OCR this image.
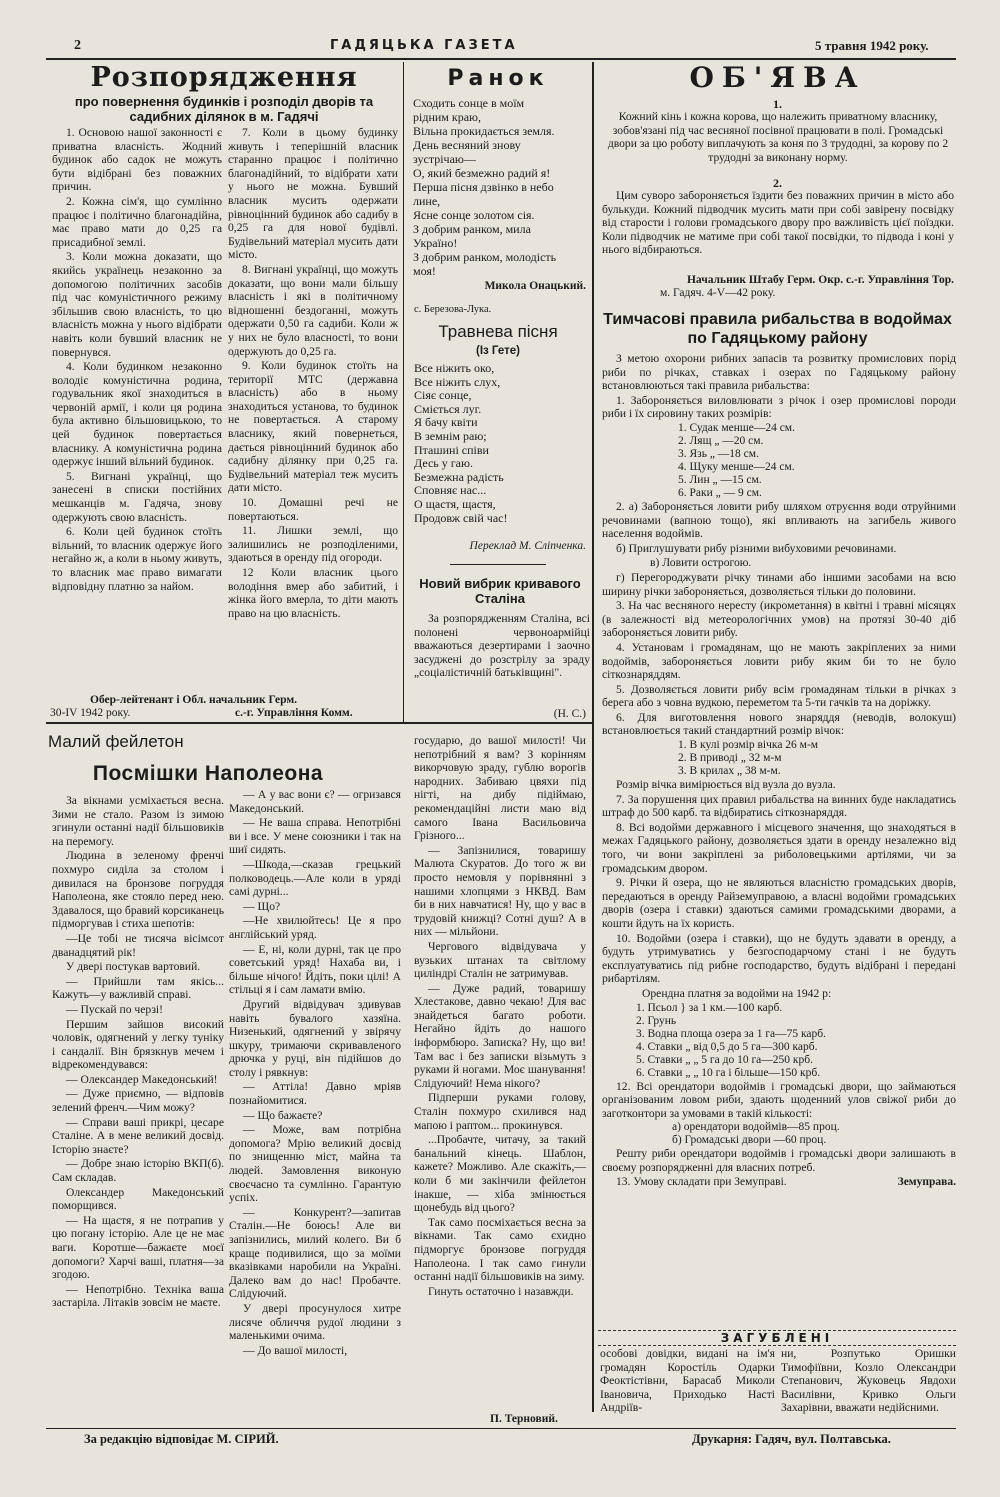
2	ГАДЯЦЬКА ГАЗЕТА	5 травня 1942 року.
Розпорядження
про повернення будинків і розподіл дворів та садибних ділянок в м. Гадячі

1. Основою нашої законності є приватна власність. Жодний будинок або садок не можуть бути відібрані без поважних причин.

2. Кожна сім'я, що сумлінно працює і політично благонадійна, має право мати до 0,25 га присадибної землі.

3. Коли можна доказати, що якийсь українець незаконно за допомогою політичних засобів під час комуністичного режиму збільшив свою власність, то цю власність можна у нього відібрати навіть коли бувший власник не повернувся.

4. Коли будинком незаконно володіє комуністична родина, годувальник якої знаходиться в червоній армії, і коли ця родина була активно більшовицькою, то цей будинок повертається власнику. А комуністична родина одержує інший вільний будинок.

5. Вигнані українці, що занесені в списки постійних мешканців м. Гадяча, знову одержують свою власність.

6. Коли цей будинок стоїть вільний, то власник одержує його негайно ж, а коли в ньому живуть, то власник має право вимагати відповідну платню за найом.

7. Коли в цьому будинку живуть і теперішній власник старанно працює і політично благонадійний, то відібрати хати у нього не можна. Бувший власник мусить одержати рівноцінний будинок або садибу в 0,25 га для нової будівлі. Будівельний матеріал мусить дати місто.

8. Вигнані українці, що можуть доказати, що вони мали більшу власність і які в політичному відношенні бездоганні, можуть одержати 0,50 га садиби. Коли ж у них не було власності, то вони одержують до 0,25 га.

9. Коли будинок стоїть на території МТС (державна власність) або в ньому знаходиться установа, то будинок не повертається. А старому власнику, який повернеться, дається рівноцінний будинок або садибну ділянку при 0,25 га. Будівельний матеріал теж мусить дати місто.

10. Домашні речі не повертаються.

11. Лишки землі, що залишились не розподіленими, здаються в оренду під огороди.

12 Коли власник цього володіння вмер або забитий, і жінка його вмерла, то діти мають право на цю власність.

Обер-лейтенант і Обл. начальник Герм.
30-IV 1942 року.	с.-г. Управління Комм.
Ранок
Сходить сонце в моїм
рідним краю,
Вільна прокидається земля.
День весняний знову
зустрічаю—
О, який безмежно радий я!
Перша пісня дзвінко в небо
лине,
Ясне сонце золотом сія.
З добрим ранком, мила
Україно!
З добрим ранком, молодість
моя!
Микола Онацький.
с. Березова-Лука.
Травнева пісня
(Із Гете)
Все ніжить око,
Все ніжить слух,
Сіяє сонце,
Сміється луг.
Я бачу квіти
В земнім раю;
Пташині співи
Десь у гаю.
Безмежна радість
Сповняє нас...
О щастя, щастя,
Продовж свій час!
Переклад М. Сліпченка.
Новий вибрик кривавого Сталіна

За розпорядженням Сталіна, всі полонені червоноармійці вважаються дезертирами і заочно засуджені до розстрілу за зраду „соціалістичній батьківщині".

(Н. С.)
ОБ'ЯВА
1.

Кожний кінь і кожна корова, що належить приватному власнику, зобов'язані під час весняної посівної працювати в полі. Громадські двори за цю роботу виплачують за коня по 3 трудодні, за корову по 2 трудодні за виконану норму.

2.

Цим суворо забороняється їздити без поважних причин в місто або булькуди. Кожний підводчик мусить мати при собі завірену посвідку від старости і голови громадського двору про важливість цієї поїздки. Коли підводчик не матиме при собі такої посвідки, то підвода і коні у нього відбираються.

Начальник Штабу Герм. Окр. с.-г. Управління Тор.
м. Гадяч. 4-V—42 року.
Тимчасові правила рибальства в водоймах по Гадяцькому району

З метою охорони рибних запасів та розвитку промислових порід риби по річках, ставках і озерах по Гадяцькому району встановлюються такі правила рибальства:

1. Забороняється виловлювати з річок і озер промислові породи риби і їх сировину таких розмірів:

1. Судак менше—24 см.
2. Лящ „ —20 см.
3. Язь „ —18 см.
4. Щуку менше—24 см.
5. Лин „ —15 см.
6. Раки „ — 9 см.

2. а) Забороняється ловити рибу шляхом отруєння води отруйними речовинами (вапною тощо), які впливають на загибель живого населення водоймів.

б) Приглушувати рибу різними вибуховими речовинами.

в) Ловити острогою.

г) Перегороджувати річку тинами або іншими засобами на всю ширину річки забороняється, дозволяється тільки до половини.

3. На час весняного нересту (икрометання) в квітні і травні місяцях (в залежності від метеорологічних умов) на протязі 30-40 діб забороняється ловити рибу.

4. Установам і громадянам, що не мають закріплених за ними водоймів, забороняється ловити рибу яким би то не було сіткознаряддям.

5. Дозволяється ловити рибу всім громадянам тільки в річках з берега або з човна вудкою, переметом та 5-ти гачків та на доріжку.

6. Для виготовлення нового знаряддя (неводів, волокуш) встановлюється такий стандартний розмір вічок:

1. В кулі розмір вічка 26 м-м
2. В приводі „ 32 м-м
3. В крилах „ 38 м-м.

Розмір вічка вимірюється від вузла до вузла.

7. За порушення цих правил рибальства на винних буде накладатись штраф до 500 карб. та відбиратись сіткознаряддя.

8. Всі водойми державного і місцевого значення, що знаходяться в межах Гадяцького району, дозволяється здати в оренду незалежно від того, чи вони закріплені за риболовецькими артілями, чи за громадським двором.

9. Річки й озера, що не являються власністю громадських дворів, передаються в оренду Райземуправою, а власні водойми громадських дворів (озера і ставки) здаються самими громадськими дворами, а кошти йдуть на їх користь.

10. Водойми (озера і ставки), що не будуть здавати в оренду, а будуть утримуватись у безгосподарчому стані і не будуть експлуатуватись під рибне господарство, будуть відібрані і передані рибартілям.

Орендна платня за водойми на 1942 р:

1. Псьол } за 1 км.—100 карб.
2. Грунь
3. Водна площа озера за 1 га—75 карб.
4. Ставки „ від 0,5 до 5 га—300 карб.
5. Ставки „ „ 5 га до 10 га—250 крб.
6. Ставки „ „ 10 га і більше—150 крб.

12. Всі орендатори водоймів і громадські двори, що займаються організованим ловом риби, здають щоденний улов свіжої риби до заготконтори за умовами в такій кількості:

а) орендатори водоймів—85 проц.
б) Громадські двори —60 проц.

Решту риби орендатори водоймів і громадські двори залишають в своєму розпорядженні для власних потреб.

13. Умову складати при Земуправі.	Земуправа.
Малий фейлетон
Посмішки Наполеона

За вікнами усміхається весна. Зими не стало. Разом із зимою згинули останні надії більшовиків на перемогу.

Людина в зеленому френчі похмуро сиділа за столом і дивилася на бронзове погруддя Наполеона, яке стояло перед нею. Здавалося, що бравий корсиканець підморгував і стиха шепотів:

—Це тобі не тисяча вісімсот дванадцятий рік!

У двері постукав вартовий.

— Прийшли там якісь... Кажуть—у важливій справі.

— Пускай по черзі!

Першим зайшов високий чоловік, одягнений у легку туніку і сандалії. Він брязкнув мечем і відрекомендувався:

— Олександер Македонський!

— Дуже приємно, — відповів зелений френч.—Чим можу?

— Справи ваші прикрі, цесаре Сталіне. А в мене великий досвід. Історію знаєте?

— Добре знаю історію ВКП(б). Сам складав.

Олександер Македонський поморщився.

— На щастя, я не потрапив у цю погану історію. Але це не має ваги. Коротше—бажаєте моєї допомоги? Харчі ваші, платня—за згодою.

— Непотрібно. Техніка ваша застаріла. Літаків зовсім не маєте.

— А у вас вони є? — огризався Македонський.

— Не ваша справа. Непотрібні ви і все. У мене союзники і так на шиї сидять.

—Шкода,—сказав грецький полководець.—Але коли в уряді самі дурні...

— Що?

—Не хвилюйтесь! Це я про англійський уряд.

— Е, ні, коли дурні, так це про советський уряд! Нахаба ви, і більше нічого! Йдіть, поки цілі! А стільці я і сам ламати вмію.

Другий відвідувач здивував навіть бувалого хазяїна. Низенький, одягнений у звірячу шкуру, тримаючи скривавленого дрючка у руці, він підійшов до столу і рявкнув:

— Аттіла! Давно мріяв познайомитися.

— Що бажаєте?

— Може, вам потрібна допомога? Мрію великий досвід по знищенню міст, майна та людей. Замовлення виконую своєчасно та сумлінно. Гарантую успіх.

— Конкурент?—запитав Сталін.—Не боюсь! Але ви запізнились, милий колего. Ви б краще подивилися, що за моїми вказівками наробили на Україні. Далеко вам до нас! Пробачте. Слідуючий.

У двері просунулося хитре лисяче обличчя рудої людини з маленькими очима.

— До вашої милості,

государю, до вашої милості! Чи непотрібний я вам? З корінням викорчовую зраду, гублю ворогів народних. Забиваю цвяхи під нігті, на дибу підіймаю, рекомендаційні листи маю від самого Івана Васильовича Грізного...

— Запізнилися, товаришу Малюта Скуратов. До того ж ви просто немовля у порівнянні з нашими хлопцями з НКВД. Вам би в них навчатися! Ну, що у вас в трудовій книжці? Сотні душ? А в них — мільйони.

Чергового відвідувача у вузьких штанах та світлому циліндрі Сталін не затримував.

— Дуже радий, товаришу Хлестакове, давно чекаю! Для вас знайдеться багато роботи. Негайно йдіть до нашого інформбюро. Записка? Ну, що ви! Там вас і без записки візьмуть з руками й ногами. Моє шанування! Слідуючий! Нема нікого?

Підперши руками голову, Сталін похмуро схилився над мапою і раптом... прокинувся.

...Пробачте, читачу, за такий банальний кінець. Шаблон, кажете? Можливо. Але скажіть,—коли б ми закінчили фейлетон інакше, — хіба змінюється щонебудь від цього?

Так само посміхається весна за вікнами. Так само єхидно підморгує бронзове погруддя Наполеона. І так само гинули останні надії більшовиків на зиму.

Гинуть остаточно і назавжди.

П. Терновий.
ЗАГУБЛЕНІ

особові довідки, видані на ім'я громадян Коростіль Одарки Феоктістівни, Бараcаб Миколи Івановича, Приходько Насті Андріїв-

ни, Розпутько Оришки Тимофіївни, Козло Олександри Степанович, Жуковець Явдохи Василівни, Кривко Ольги Захарівни, вважати недійсними.

За редакцію відповідає М. СІРИЙ.	Друкарня: Гадяч, вул. Полтавська.
